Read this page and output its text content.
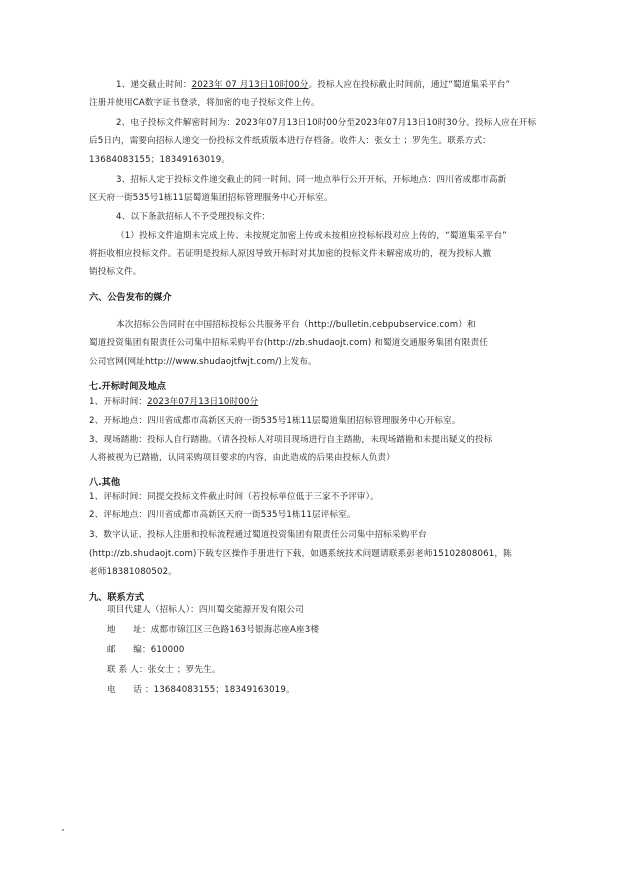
1、递交截止时间：2023年 07 月13日10时00分。投标人应在投标截止时间前，通过“蜀道集采平台”
注册并使用CA数字证书登录，将加密的电子投标文件上传。
2、电子投标文件解密时间为：2023年07月13日10时00分至2023年07月13日10时30分。投标人应在开标
后5日内，需要向招标人递交一份投标文件纸质版本进行存档备。收件人：张女士 ；罗先生。联系方式：
13684083155；18349163019。
3、招标人定于投标文件递交截止的同一时间、同一地点举行公开开标，开标地点：四川省成都市高新
区天府一街535号1栋11层蜀道集团招标管理服务中心开标室。
4、以下条款招标人不予受理投标文件：
（1）投标文件逾期未完成上传、未按规定加密上传或未按相应投标标段对应上传的，“蜀道集采平台”
将拒收相应投标文件。若证明是投标人原因导致开标时对其加密的投标文件未解密成功的，视为投标人撤
销投标文件。
六、公告发布的媒介
本次招标公告同时在中国招标投标公共服务平台（http://bulletin.cebpubservice.com）和
蜀道投资集团有限责任公司集中招标采购平台(http://zb.shudaojt.com) 和蜀道交通服务集团有限责任
公司官网(网址http:///www.shudaojtfwjt.com/)上发布。
七.开标时间及地点
1、开标时间：2023年07月13日10时00分
2、开标地点：四川省成都市高新区天府一街535号1栋11层蜀道集团招标管理服务中心开标室。
3、现场踏勘：投标人自行踏勘。（请各投标人对项目现场进行自主踏勘，未现场踏勘和未提出疑义的投标
人将被视为已踏勘，认同采购项目要求的内容，由此造成的后果由投标人负责）
八.其他
1、评标时间：同提交投标文件截止时间（若投标单位低于三家不予评审）。
2、评标地点：四川省成都市高新区天府一街535号1栋11层评标室。
3、数字认证、投标人注册和投标流程通过蜀道投资集团有限责任公司集中招标采购平台
(http://zb.shudaojt.com)下载专区操作手册进行下载，如遇系统技术问题请联系彭老师15102808061，陈
老师18381080502。
九、联系方式
项目代建人（招标人）：四川蜀交能源开发有限公司
地　　址：成都市锦江区三色路163号银海芯座A座3楼
邮　　编：610000
联 系 人：张女士 ；罗先生。
电　　话 ：13684083155；18349163019。
